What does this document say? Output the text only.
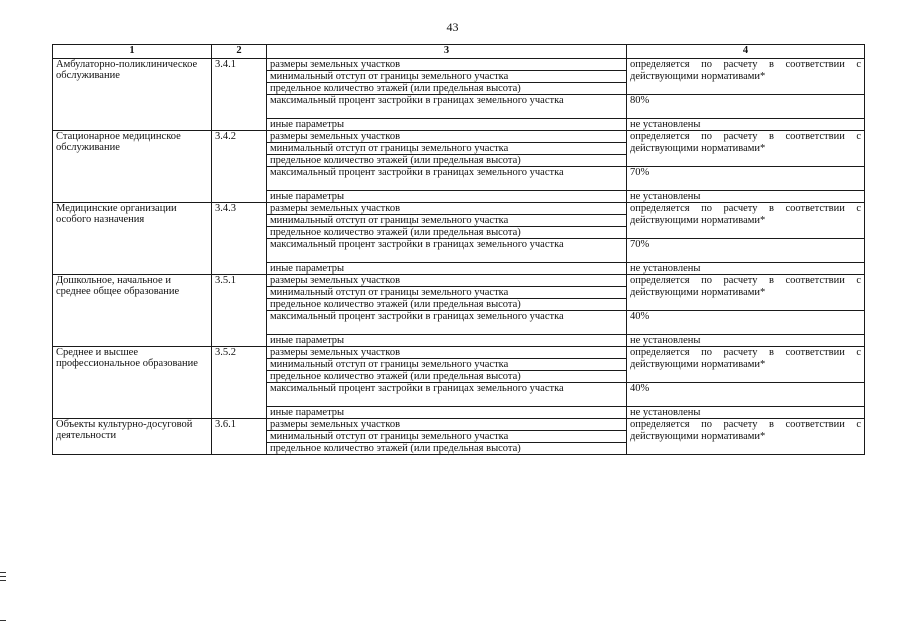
43
1	2	3	4
Амбулаторно-поликлиническое обслуживание	3.4.1	размеры земельных участков	определяется по расчету в соответствии с действующими нормативами*
		минимальный отступ от границы земельного участка	
		предельное количество этажей (или предельная высота)	
		максимальный процент застройки в границах земельного участка	80%
		иные параметры	не установлены
Стационарное медицинское обслуживание	3.4.2	размеры земельных участков	определяется по расчету в соответствии с действующими нормативами*
		минимальный отступ от границы земельного участка	
		предельное количество этажей (или предельная высота)	
		максимальный процент застройки в границах земельного участка	70%
		иные параметры	не установлены
Медицинские организации особого назначения	3.4.3	размеры земельных участков	определяется по расчету в соответствии с действующими нормативами*
		минимальный отступ от границы земельного участка	
		предельное количество этажей (или предельная высота)	
		максимальный процент застройки в границах земельного участка	70%
		иные параметры	не установлены
Дошкольное, начальное и среднее общее образование	3.5.1	размеры земельных участков	определяется по расчету в соответствии с действующими нормативами*
		минимальный отступ от границы земельного участка	
		предельное количество этажей (или предельная высота)	
		максимальный процент застройки в границах земельного участка	40%
		иные параметры	не установлены
Среднее и высшее профессиональное образование	3.5.2	размеры земельных участков	определяется по расчету в соответствии с действующими нормативами*
		минимальный отступ от границы земельного участка	
		предельное количество этажей (или предельная высота)	
		максимальный процент застройки в границах земельного участка	40%
		иные параметры	не установлены
Объекты культурно-досуговой деятельности	3.6.1	размеры земельных участков	определяется по расчету в соответствии с действующими нормативами*
		минимальный отступ от границы земельного участка	
		предельное количество этажей (или предельная высота)	
